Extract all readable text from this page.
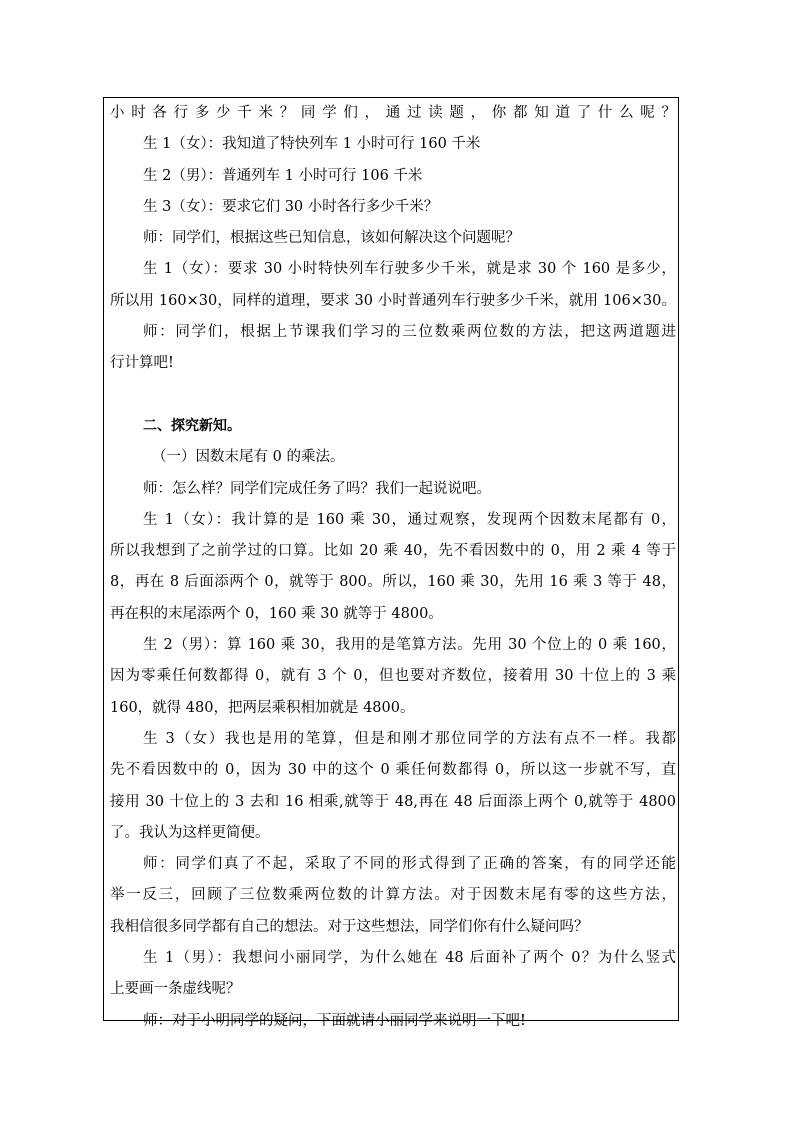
小时各行多少千米？同学们，通过读题，你都知道了什么呢？
生 1（女）：我知道了特快列车 1 小时可行 160 千米
生 2（男）：普通列车 1 小时可行 106 千米
生 3（女）：要求它们 30 小时各行多少千米？
师：同学们，根据这些已知信息，该如何解决这个问题呢？
生 1（女）：要求 30 小时特快列车行驶多少千米，就是求 30 个 160 是多少，
所以用 160×30，同样的道理，要求 30 小时普通列车行驶多少千米，就用 106×30。
师：同学们，根据上节课我们学习的三位数乘两位数的方法，把这两道题进
行计算吧!
二、探究新知。
（一）因数末尾有 0 的乘法。
师：怎么样？同学们完成任务了吗？我们一起说说吧。
生 1（女）：我计算的是 160 乘 30，通过观察，发现两个因数末尾都有 0，
所以我想到了之前学过的口算。比如 20 乘 40，先不看因数中的 0，用 2 乘 4 等于
8，再在 8 后面添两个 0，就等于 800。所以，160 乘 30，先用 16 乘 3 等于 48，
再在积的末尾添两个 0，160 乘 30 就等于 4800。
生 2（男）：算 160 乘 30，我用的是笔算方法。先用 30 个位上的 0 乘 160，
因为零乘任何数都得 0，就有 3 个 0，但也要对齐数位，接着用 30 十位上的 3 乘
160，就得 480，把两层乘积相加就是 4800。
生 3（女）我也是用的笔算，但是和刚才那位同学的方法有点不一样。我都
先不看因数中的 0，因为 30 中的这个 0 乘任何数都得 0，所以这一步就不写，直
接用 30 十位上的 3 去和 16 相乘,就等于 48,再在 48 后面添上两个 0,就等于 4800
了。我认为这样更简便。
师：同学们真了不起，采取了不同的形式得到了正确的答案，有的同学还能
举一反三，回顾了三位数乘两位数的计算方法。对于因数末尾有零的这些方法，
我相信很多同学都有自己的想法。对于这些想法，同学们你有什么疑问吗？
生 1（男）：我想问小丽同学，为什么她在 48 后面补了两个 0？为什么竖式
上要画一条虚线呢？
师：对于小明同学的疑问，下面就请小丽同学来说明一下吧!
